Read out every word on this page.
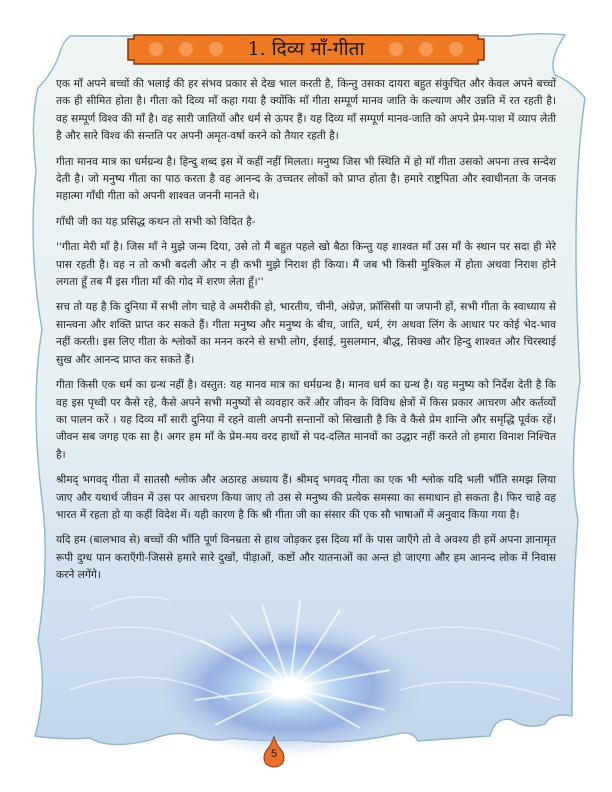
1. दिव्य माँ-गीता

एक माँ अपने बच्चों की भलाई की हर संभव प्रकार से देख भाल करती है, किन्तु उसका दायरा बहुत संकुचित और केवल अपने बच्चों तक ही सीमित होता है। गीता को दिव्य माँ कहा गया है क्योंकि माँ गीता सम्पूर्ण मानव जाति के कल्याण और उन्नति में रत रहती है। वह सम्पूर्ण विश्व की माँ है। वह सारी जातियों और धर्म से ऊपर हैं। यह दिव्य माँ सम्पूर्ण मानव-जाति को अपने प्रेम-पाश में व्याप लेती है और सारे विश्व की सन्तति पर अपनी अमृत-वर्षा करने को तैयार रहती है।

गीता मानव मात्र का धर्मग्रन्थ है। हिन्दु शब्द इस में कहीं नहीं मिलता। मनुष्य जिस भी स्थिति में हो माँ गीता उसको अपना तत्त्व सन्देश देती है। जो मनुष्य गीता का पाठ करता है वह आनन्द के उच्चतर लोकों को प्राप्त होता है। हमारे राष्ट्रपिता और स्वाधीनता के जनक महात्मा गाँधी गीता को अपनी शाश्वत जननी मानते थे।

गाँधी जी का यह प्रसिद्ध कथन तो सभी को विदित है-

''गीता मेरी माँ है। जिस माँ ने मुझे जन्म दिया, उसे तो मैं बहुत पहले खो बैठा किन्तु यह शाश्वत माँ उस माँ के स्थान पर सदा ही मेरे पास रहती है। वह न तो कभी बदली और न ही कभी मुझे निराश ही किया। मैं जब भी किसी मुश्किल में होता अथवा निराश होने लगता हूँ तब मैं इस गीता माँ की गोद में शरण लेता हूँ।''

सच तो यह है कि दुनिया में सभी लोग चाहे वे अमरीकी हो, भारतीय, चीनी, अंग्रेज़, फ्रॉसिसी या जपानी हों, सभी गीता के स्वाध्याय से सान्त्वना और शक्ति प्राप्त कर सकते हैं। गीता मनुष्य और मनुष्य के बीच, जाति, धर्म, रंग अथवा लिंग के आधार पर कोई भेद-भाव नहीं करती। इस लिए गीता के श्लोकों का मनन करने से सभी लोग, ईसाई, मुसलमान, बौद्ध, सिक्ख और हिन्दु शाश्वत और चिरस्थाई सुख और आनन्द प्राप्त कर सकते हैं।

गीता किसी एक धर्म का ग्रन्थ नहीं है। वस्तुत: यह मानव मात्र का धर्मग्रन्थ है। मानव धर्म का ग्रन्थ है। यह मनुष्य को निर्देश देती है कि वह इस पृथ्वी पर कैसे रहे, कैसे अपने सभी मनुष्यों से व्यवहार करें और जीवन के विविध क्षेत्रों में किस प्रकार आचरण और कर्तव्यों का पालन करें । यह दिव्य माँ सारी दुनिया में रहने वाली अपनी सन्तानों को सिखाती है कि वे कैसे प्रेम शान्ति और समृद्धि पूर्वक रहें। जीवन सब जगह एक सा है। अगर हम माँ के प्रेम-मय वरद हाथों से पद-दलित मानवों का उद्धार नहीं करते तो हमारा विनाश निश्चित है।

श्रीमद् भगवद् गीता में सातसौ श्लोक और अठारह अध्याय हैं। श्रीमद् भगवद् गीता का एक भी श्लोक यदि भली भाँति समझ लिया जाए और यथार्थ जीवन में उस पर आचरण किया जाए तो उस से मनुष्य की प्रत्येक समस्या का समाधान हो सकता है। फिर चाहे वह भारत में रहता हो या कहीं विदेश में। यही कारण है कि श्री गीता जी का संसार की एक सौ भाषाओं में अनुवाद किया गया है।

यदि हम (बालभाव से) बच्चों की भाँति पूर्ण विनम्रता से हाथ जोड़कर इस दिव्य माँ के पास जाएँगे तो वे अवश्य ही हमें अपना ज्ञानामृत रूपी दुग्ध पान कराएँगी-जिससे हमारे सारे दुखों, पीड़ाओं, कष्टों और यातनाओं का अन्त हो जाएगा और हम आनन्द लोक में निवास करने लगेंगे।

5
